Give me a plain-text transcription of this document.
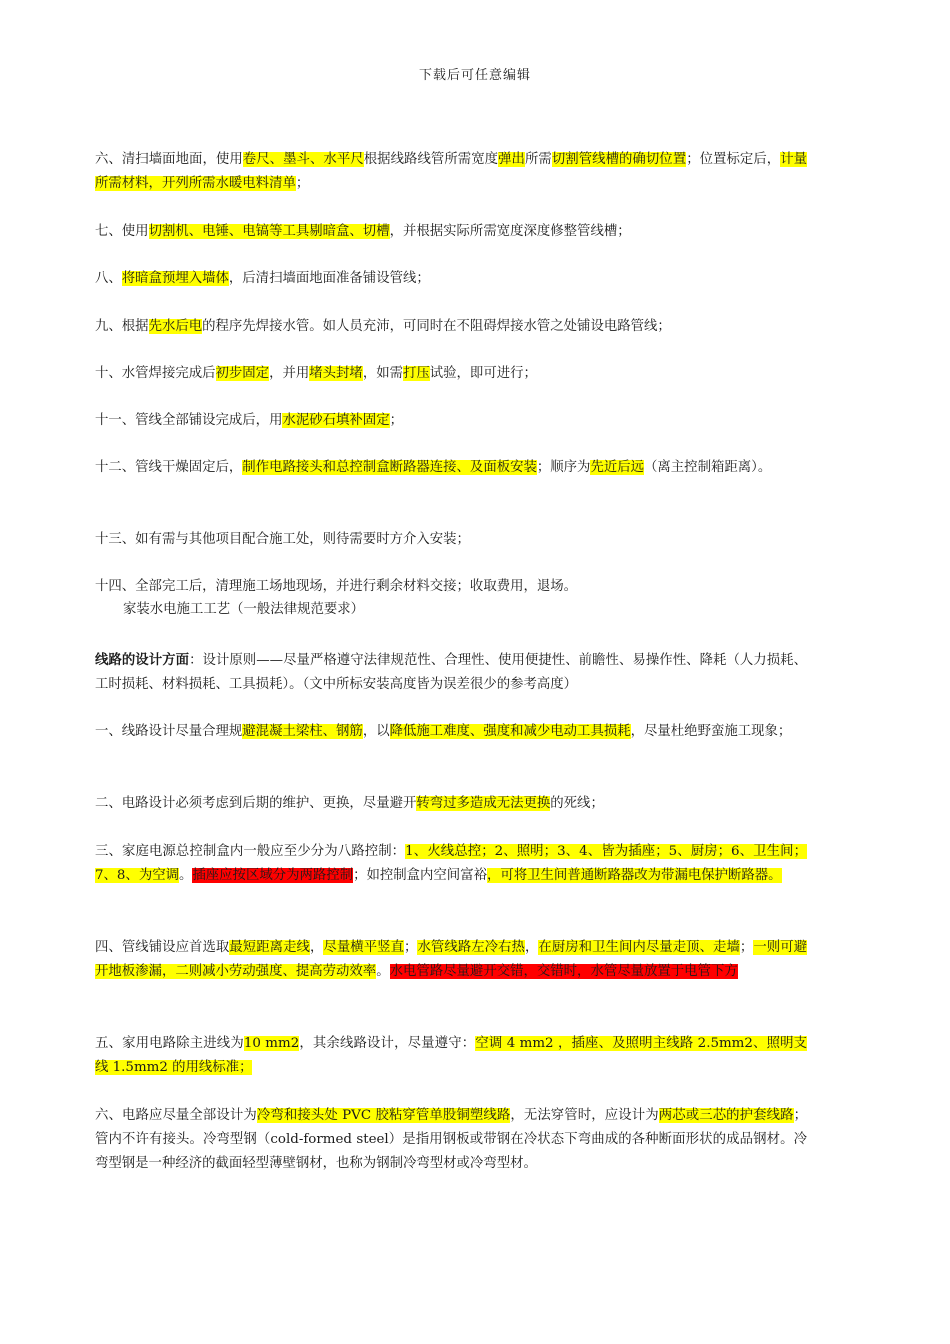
下载后可任意编辑
六、清扫墙面地面，使用卷尺、墨斗、水平尺根据线路线管所需宽度弹出所需切割管线槽的确切位置；位置标定后，计量所需材料，开列所需水暖电料清单；
七、使用切割机、电锤、电镐等工具剔暗盒、切槽，并根据实际所需宽度深度修整管线槽；
八、将暗盒预埋入墙体，后清扫墙面地面准备铺设管线；
九、根据先水后电的程序先焊接水管。如人员充沛，可同时在不阻碍焊接水管之处铺设电路管线；
十、水管焊接完成后初步固定，并用堵头封堵，如需打压试验，即可进行；
十一、管线全部铺设完成后，用水泥砂石填补固定；
十二、管线干燥固定后，制作电路接头和总控制盒断路器连接、及面板安装；顺序为先近后远（离主控制箱距离）。
十三、如有需与其他项目配合施工处，则待需要时方介入安装；
十四、全部完工后，清理施工场地现场，并进行剩余材料交接；收取费用，退场。
家装水电施工工艺（一般法律规范要求）
线路的设计方面：设计原则——尽量严格遵守法律规范性、合理性、使用便捷性、前瞻性、易操作性、降耗（人力损耗、工时损耗、材料损耗、工具损耗）。（文中所标安装高度皆为误差很少的参考高度）
一、线路设计尽量合理规避混凝土梁柱、钢筋，以降低施工难度、强度和减少电动工具损耗，尽量杜绝野蛮施工现象；
二、电路设计必须考虑到后期的维护、更换，尽量避开转弯过多造成无法更换的死线；
三、家庭电源总控制盒内一般应至少分为八路控制：1、火线总控；2、照明；3、4、皆为插座；5、厨房；6、卫生间；7、8、为空调。插座应按区域分为两路控制；如控制盒内空间富裕，可将卫生间普通断路器改为带漏电保护断路器。
四、管线铺设应首选取最短距离走线，尽量横平竖直；水管线路左冷右热，在厨房和卫生间内尽量走顶、走墙；一则可避开地板渗漏，二则减小劳动强度、提高劳动效率。水电管路尽量避开交错，交错时，水管尽量放置于电管下方
五、家用电路除主进线为10 mm2，其余线路设计，尽量遵守：空调 4 mm2 ，插座、及照明主线路 2.5mm2、照明支线 1.5mm2 的用线标准；
六、电路应尽量全部设计为冷弯和接头处 PVC 胶粘穿管单股铜塑线路，无法穿管时，应设计为两芯或三芯的护套线路；管内不许有接头。冷弯型钢（cold-formed steel）是指用钢板或带钢在冷状态下弯曲成的各种断面形状的成品钢材。冷弯型钢是一种经济的截面轻型薄壁钢材，也称为钢制冷弯型材或冷弯型材。
